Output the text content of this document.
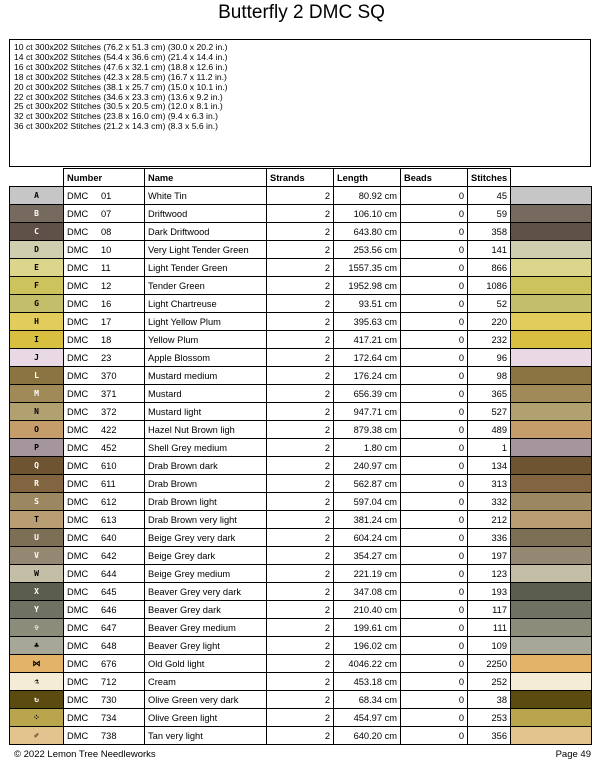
Butterfly 2 DMC SQ
10 ct 300x202 Stitches (76.2 x 51.3 cm) (30.0 x 20.2 in.)
14 ct 300x202 Stitches (54.4 x 36.6 cm) (21.4 x 14.4 in.)
16 ct 300x202 Stitches (47.6 x 32.1 cm) (18.8 x 12.6 in.)
18 ct 300x202 Stitches (42.3 x 28.5 cm) (16.7 x 11.2 in.)
20 ct 300x202 Stitches (38.1 x 25.7 cm) (15.0 x 10.1 in.)
22 ct 300x202 Stitches (34.6 x 23.3 cm) (13.6 x 9.2 in.)
25 ct 300x202 Stitches (30.5 x 20.5 cm) (12.0 x 8.1 in.)
32 ct 300x202 Stitches (23.8 x 16.0 cm) (9.4 x 6.3 in.)
36 ct 300x202 Stitches (21.2 x 14.3 cm) (8.3 x 5.6 in.)
	Number	Name	Strands	Length	Beads	Stitches	
A	DMC 01	White Tin	2	80.92 cm	0	45	
B	DMC 07	Driftwood	2	106.10 cm	0	59	
C	DMC 08	Dark Driftwood	2	643.80 cm	0	358	
D	DMC 10	Very Light Tender Green	2	253.56 cm	0	141	
E	DMC 11	Light Tender Green	2	1557.35 cm	0	866	
F	DMC 12	Tender Green	2	1952.98 cm	0	1086	
G	DMC 16	Light Chartreuse	2	93.51 cm	0	52	
H	DMC 17	Light Yellow Plum	2	395.63 cm	0	220	
I	DMC 18	Yellow Plum	2	417.21 cm	0	232	
J	DMC 23	Apple Blossom	2	172.64 cm	0	96	
L	DMC 370	Mustard medium	2	176.24 cm	0	98	
M	DMC 371	Mustard	2	656.39 cm	0	365	
N	DMC 372	Mustard light	2	947.71 cm	0	527	
O	DMC 422	Hazel Nut Brown ligh	2	879.38 cm	0	489	
P	DMC 452	Shell Grey medium	2	1.80 cm	0	1	
Q	DMC 610	Drab Brown dark	2	240.97 cm	0	134	
R	DMC 611	Drab Brown	2	562.87 cm	0	313	
S	DMC 612	Drab Brown light	2	597.04 cm	0	332	
T	DMC 613	Drab Brown very light	2	381.24 cm	0	212	
U	DMC 640	Beige Grey very dark	2	604.24 cm	0	336	
V	DMC 642	Beige Grey dark	2	354.27 cm	0	197	
W	DMC 644	Beige Grey medium	2	221.19 cm	0	123	
X	DMC 645	Beaver Grey very dark	2	347.08 cm	0	193	
Y	DMC 646	Beaver Grey dark	2	210.40 cm	0	117	
✞	DMC 647	Beaver Grey medium	2	199.61 cm	0	111	
♣	DMC 648	Beaver Grey light	2	196.02 cm	0	109	
⋈	DMC 676	Old Gold light	2	4046.22 cm	0	2250	
⚗	DMC 712	Cream	2	453.18 cm	0	252	
↻	DMC 730	Olive Green very dark	2	68.34 cm	0	38	
⁘	DMC 734	Olive Green light	2	454.97 cm	0	253	
✐	DMC 738	Tan very light	2	640.20 cm	0	356	
© 2022 Lemon Tree Needleworks	Page 49
